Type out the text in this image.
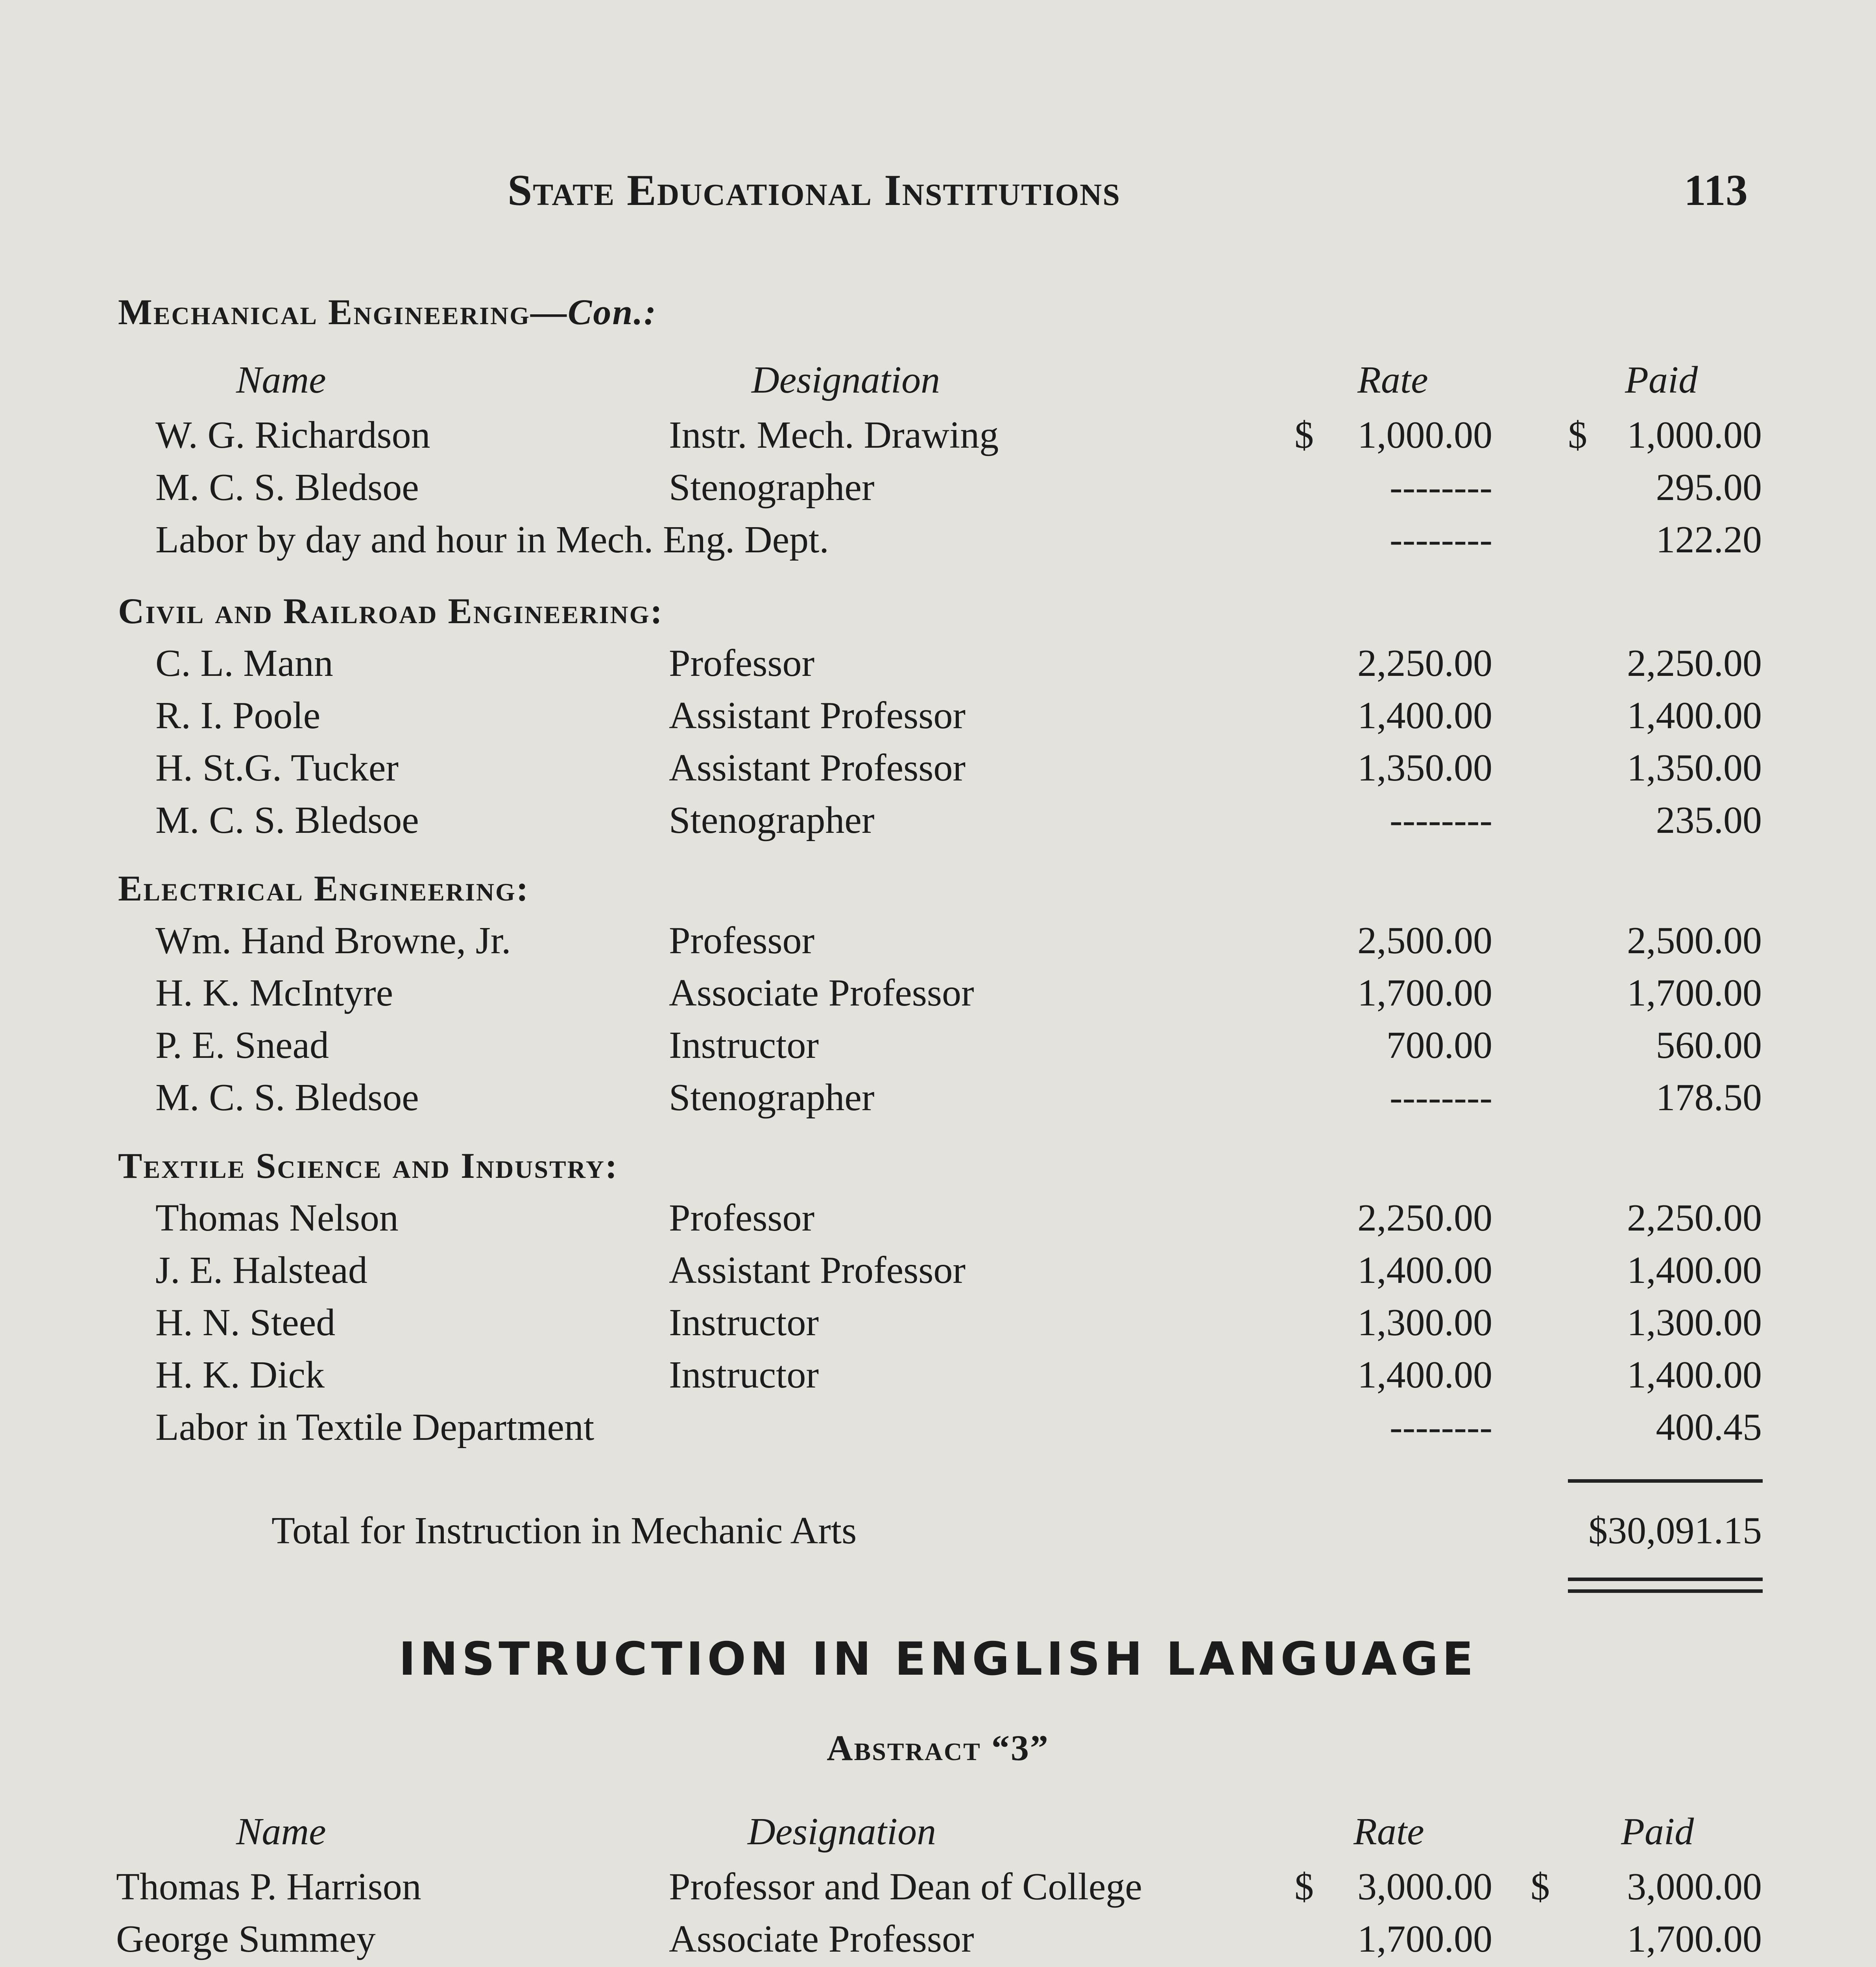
State Educational Institutions	113
Mechanical Engineering—Con.:
Name	Designation	Rate	Paid
W. G. Richardson	Instr. Mech. Drawing	$ 1,000.00 $ 1,000.00
M. C. S. Bledsoe	Stenographer	--------	295.00
Labor by day and hour in Mech. Eng. Dept.	--------	122.20
Civil and Railroad Engineering:
C. L. Mann	Professor	2,250.00	2,250.00
R. I. Poole	Assistant Professor	1,400.00	1,400.00
H. St.G. Tucker	Assistant Professor	1,350.00	1,350.00
M. C. S. Bledsoe	Stenographer	--------	235.00
Electrical Engineering:
Wm. Hand Browne, Jr.	Professor	2,500.00	2,500.00
H. K. McIntyre	Associate Professor	1,700.00	1,700.00
P. E. Snead	Instructor	700.00	560.00
M. C. S. Bledsoe	Stenographer	--------	178.50
Textile Science and Industry:
Thomas Nelson	Professor	2,250.00	2,250.00
J. E. Halstead	Assistant Professor	1,400.00	1,400.00
H. N. Steed	Instructor	1,300.00	1,300.00
H. K. Dick	Instructor	1,400.00	1,400.00
Labor in Textile Department	--------	400.45
Total for Instruction in Mechanic Arts	$30,091.15
INSTRUCTION IN ENGLISH LANGUAGE
Abstract “3”
Name	Designation	Rate	Paid
Thomas P. Harrison	Professor and Dean of College	$ 3,000.00 $ 3,000.00
George Summey	Associate Professor	1,700.00	1,700.00
